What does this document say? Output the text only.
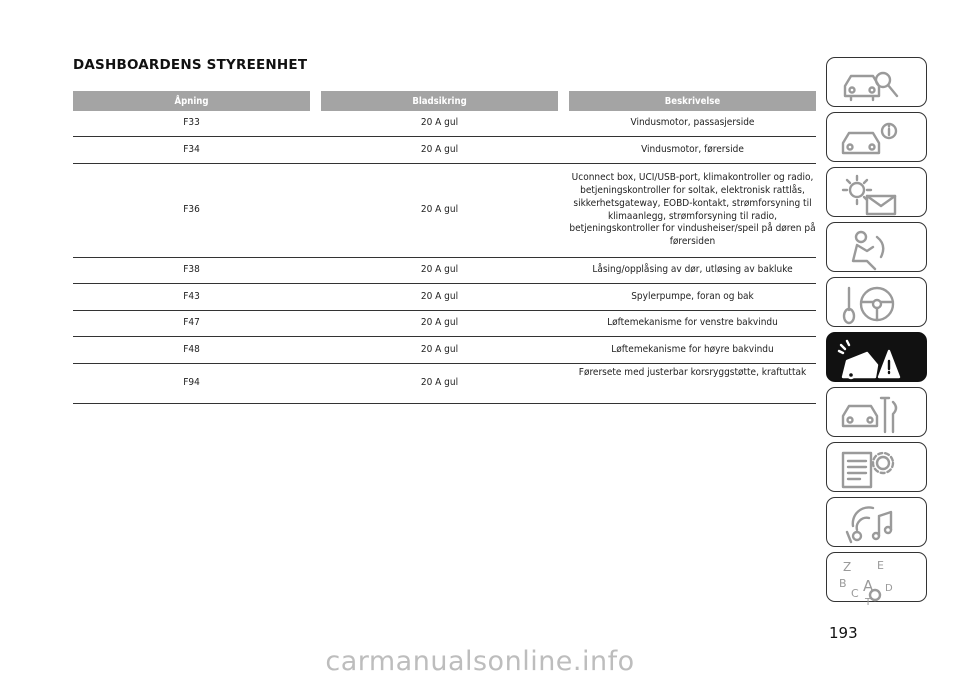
DASHBOARDENS STYREENHET
Åpning		Bladsikring		Beskrivelse
F33		20 A gul		Vindusmotor, passasjerside
F34		20 A gul		Vindusmotor, førerside
F36		20 A gul		Uconnect box, UCI/USB-port, klimakontroller og radio, betjeningskontroller for soltak, elektronisk rattlås, sikkerhetsgateway, EOBD-kontakt, strømforsyning til klimaanlegg, strømforsyning til radio, betjeningskontroller for vindusheiser/speil på døren på førersiden
F38		20 A gul		Låsing/opplåsing av dør, utløsing av bakluke
F43		20 A gul		Spylerpumpe, foran og bak
F47		20 A gul		Løftemekanisme for venstre bakvindu
F48		20 A gul		Løftemekanisme for høyre bakvindu
F94		20 A gul		Førersete med justerbar korsryggstøtte, kraftuttak
Z E
B A
C	D
T
193
carmanualsonline.info
